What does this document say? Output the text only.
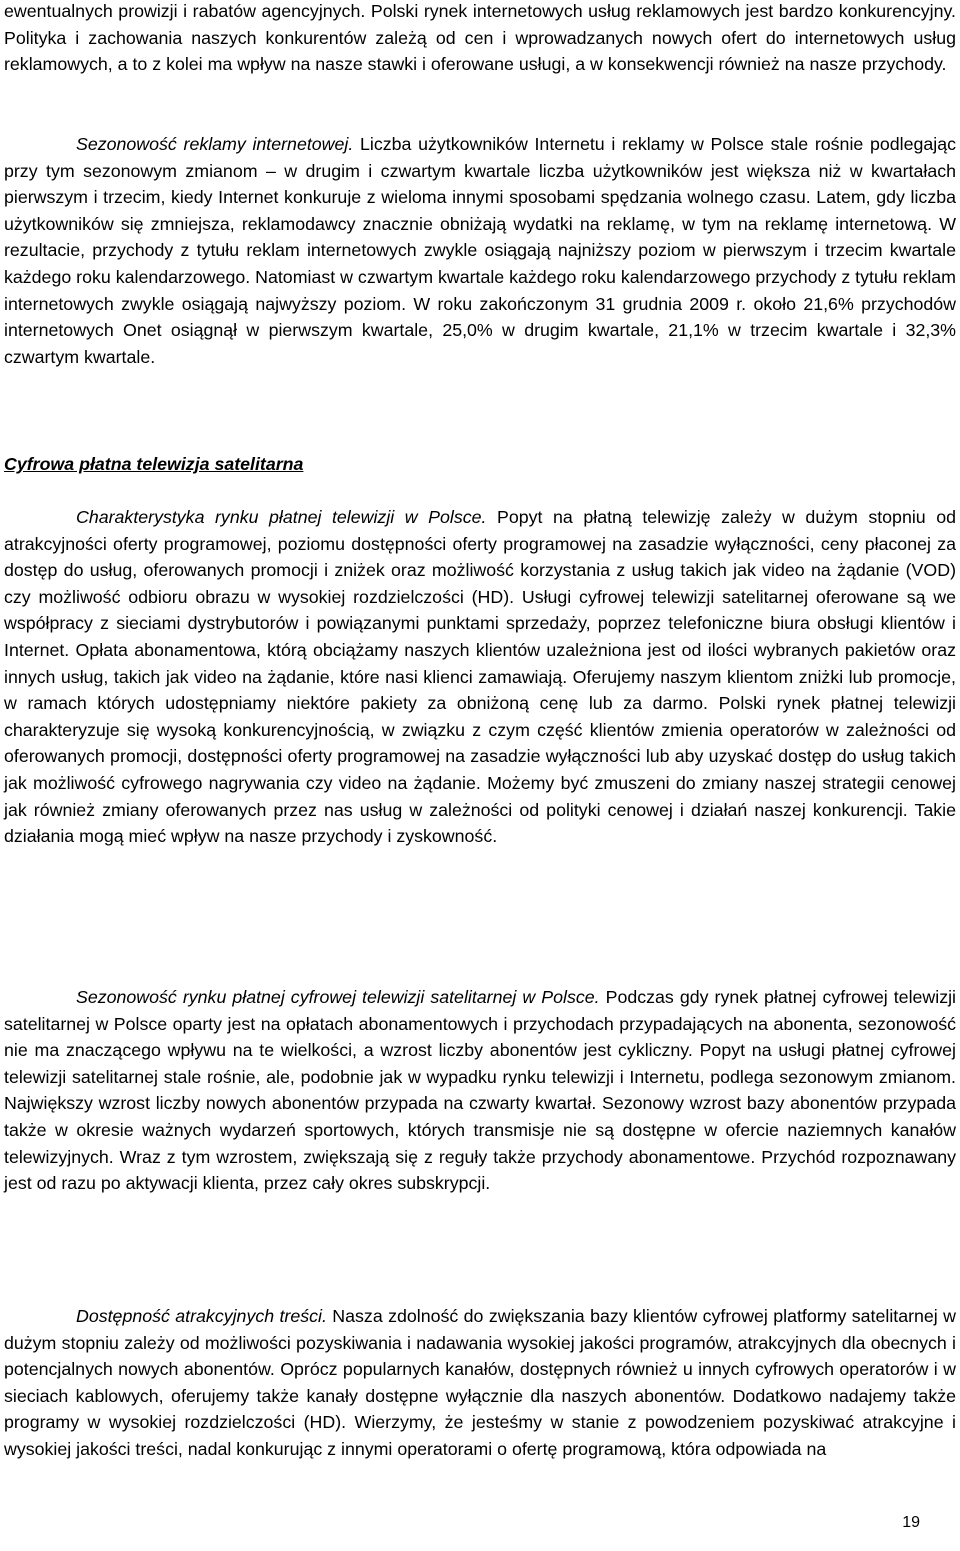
ewentualnych prowizji i rabatów agencyjnych. Polski rynek internetowych usług reklamowych jest bardzo konkurencyjny. Polityka i zachowania naszych konkurentów zależą od cen i wprowadzanych nowych ofert do internetowych usług reklamowych, a to z kolei ma wpływ na nasze stawki i oferowane usługi, a w konsekwencji również na nasze przychody.

Sezonowość reklamy internetowej. Liczba użytkowników Internetu i reklamy w Polsce stale rośnie podlegając przy tym sezonowym zmianom – w drugim i czwartym kwartale liczba użytkowników jest większa niż w kwartałach pierwszym i trzecim, kiedy Internet konkuruje z wieloma innymi sposobami spędzania wolnego czasu. Latem, gdy liczba użytkowników się zmniejsza, reklamodawcy znacznie obniżają wydatki na reklamę, w tym na reklamę internetową. W rezultacie, przychody z tytułu reklam internetowych zwykle osiągają najniższy poziom w pierwszym i trzecim kwartale każdego roku kalendarzowego. Natomiast w czwartym kwartale każdego roku kalendarzowego przychody z tytułu reklam internetowych zwykle osiągają najwyższy poziom. W roku zakończonym 31 grudnia 2009 r. około 21,6% przychodów internetowych Onet osiągnął w pierwszym kwartale, 25,0% w drugim kwartale, 21,1% w trzecim kwartale i 32,3% czwartym kwartale.

Cyfrowa płatna telewizja satelitarna

Charakterystyka rynku płatnej telewizji w Polsce. Popyt na płatną telewizję zależy w dużym stopniu od atrakcyjności oferty programowej, poziomu dostępności oferty programowej na zasadzie wyłączności, ceny płaconej za dostęp do usług, oferowanych promocji i zniżek oraz możliwość korzystania z usług takich jak video na żądanie (VOD) czy możliwość odbioru obrazu w wysokiej rozdzielczości (HD). Usługi cyfrowej telewizji satelitarnej oferowane są we współpracy z sieciami dystrybutorów i powiązanymi punktami sprzedaży, poprzez telefoniczne biura obsługi klientów i Internet. Opłata abonamentowa, którą obciążamy naszych klientów uzależniona jest od ilości wybranych pakietów oraz innych usług, takich jak video na żądanie, które nasi klienci zamawiają. Oferujemy naszym klientom zniżki lub promocje, w ramach których udostępniamy niektóre pakiety za obniżoną cenę lub za darmo. Polski rynek płatnej telewizji charakteryzuje się wysoką konkurencyjnością, w związku z czym część klientów zmienia operatorów w zależności od oferowanych promocji, dostępności oferty programowej na zasadzie wyłączności lub aby uzyskać dostęp do usług takich jak możliwość cyfrowego nagrywania czy video na żądanie. Możemy być zmuszeni do zmiany naszej strategii cenowej jak również zmiany oferowanych przez nas usług w zależności od polityki cenowej i działań naszej konkurencji. Takie działania mogą mieć wpływ na nasze przychody i zyskowność.

Sezonowość rynku płatnej cyfrowej telewizji satelitarnej w Polsce. Podczas gdy rynek płatnej cyfrowej telewizji satelitarnej w Polsce oparty jest na opłatach abonamentowych i przychodach przypadających na abonenta, sezonowość nie ma znaczącego wpływu na te wielkości, a wzrost liczby abonentów jest cykliczny. Popyt na usługi płatnej cyfrowej telewizji satelitarnej stale rośnie, ale, podobnie jak w wypadku rynku telewizji i Internetu, podlega sezonowym zmianom. Największy wzrost liczby nowych abonentów przypada na czwarty kwartał. Sezonowy wzrost bazy abonentów przypada także w okresie ważnych wydarzeń sportowych, których transmisje nie są dostępne w ofercie naziemnych kanałów telewizyjnych. Wraz z tym wzrostem, zwiększają się z reguły także przychody abonamentowe. Przychód rozpoznawany jest od razu po aktywacji klienta, przez cały okres subskrypcji.

Dostępność atrakcyjnych treści. Nasza zdolność do zwiększania bazy klientów cyfrowej platformy satelitarnej w dużym stopniu zależy od możliwości pozyskiwania i nadawania wysokiej jakości programów, atrakcyjnych dla obecnych i potencjalnych nowych abonentów. Oprócz popularnych kanałów, dostępnych również u innych cyfrowych operatorów i w sieciach kablowych, oferujemy także kanały dostępne wyłącznie dla naszych abonentów. Dodatkowo nadajemy także programy w wysokiej rozdzielczości (HD). Wierzymy, że jesteśmy w stanie z powodzeniem pozyskiwać atrakcyjne i wysokiej jakości treści, nadal konkurując z innymi operatorami o ofertę programową, która odpowiada na

19
